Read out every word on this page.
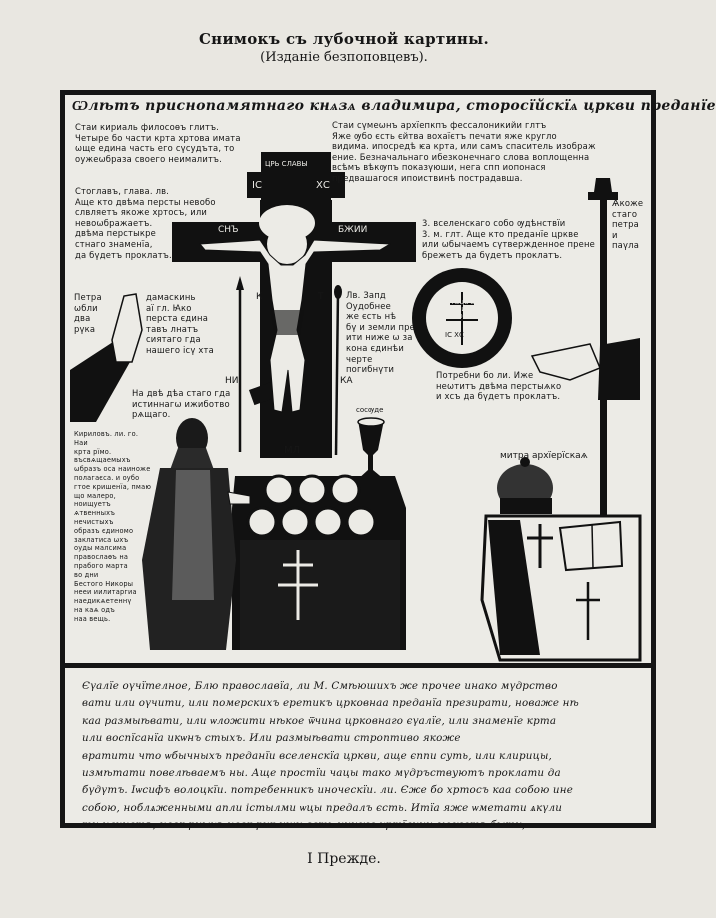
Снимокъ съ лубочной картины.
(Изданіе безпоповцевъ).
ІС ХС
Ѡлѣтъ приснопамятнаго кнѧзѧ владимира, сторосїйскїѧ цркви преданїе
Стаи кириаль филосоѳъ глитъ.
Четыре бо части крта хртова имата
ѡще едина часть его сүсудъта, то
оужеѡбраза своего неималитъ.
Стаи сүмеѡнъ архїепкпъ фессалоникийи глтъ
Яже ѹбо єсть єйтва вохаїєтъ печати яже кругло
видима. ипосредѣ ѥа крта, или самъ спаситель изображ
ение. Безначальнаго ибезконечнаго слова воплощенна
всѣмъ вѣкѹпъ показүюши, нега спп иопонася
предвашагося ипоиствинѣ пострадавша.
Стоглавъ, глава. лв.
Аще кто двѣма персты невобо
слвляетъ якоже хртосъ, или
невоѡбражаетъ.
двѣма перстыкре
стнаго знаменїа,
да бүдетъ проклатъ.
3. вселенскаго собо ѹдѣнствїи
3. м. глт. Аще кто преданїе цркве
или ѡбычаемъ сүтвержденное прене
брежетъ да бүдетъ проклатъ.
Петра
ѡбли
два
рүка
дамаскинь
аї гл. Ꙗко
перста єдина
тавъ лнатъ
сиятаго гда
нашего ісү хта
На двѣ дѣа стаго гда
истиннагѡ ижиботво
рѧщаго.
Лв. Запд
Оудобнее
же єсть нѣ
бү и земли пре
ити ниже ѡ за
кона єдинѣи черте
погибнүти
Потребни бо ли. Иже
неѡтитъ двѣма перстыѧко
и хсъ да бүдетъ проклатъ.
Ѧкоже
стаго
петра
и
паүла
Кириловъ. ли. го. Наи
крта рїмо. въсвѧщаемыхъ
ѡбразъ оса наиноже
полагаєса. и оубо
гтое кришенїа, пмаю
що малеро, ноищуетъ
ѧтвенныхъ нечистыхъ
образъ єдиномо
заклатиса ѡхъ
оуды малсима
правослаѳъ на
прабого марта
во дни
Бестого Никоры
нееи иилитаргиа
наедикѧетеннү
на каѧ одъ
наа вещь.
митра архїерїскаѧ
сосѹде
ЦРЬ СЛАВЫ
ІС	ХС
СНЪ	БЖИИ
К	Т
НИ	КА
МЛ
СЕ АГНЕЦЪ БЖИИ ВЗЕМЛЯИ ГРѢХИ ВСЕГО МИРА
Єүалїе оүчїтелное, Блю православїа, ли М. Смѣюшихъ же прочее инако мүдрство
вати или оүчити, или померскихъ еретикъ црковнаа преданїа презирати, новаже нѣ
каа размыѣвати, или ѡложити нѣкое ѿчина црковнаго єүалїе, или знаменїе крта
или воспїсанїа икѡнъ стыхъ. Или размыѣвати строптиво якоже
вратити что ѡбычныхъ преданїи вселенскїа цркви, аще єппи суть, или клирицы,
измѣтати повелѣваемъ ны. Аще простїи чацы тако мүдръствуютъ проклати да
бүдүтъ. Іѡсифъ волоцкїи. потребенникъ иноческїи. ли. Єже бо хртосъ каа собою ине
собою, ноблѧженными апли істылми ѡцы предалъ єсть. Итїа яже ѡметати ѧкүли
тн начнетъ, невѣрныхъ невѣрнѣиши єсть иниже хртїанин можетъ быти;
I Прежде.
